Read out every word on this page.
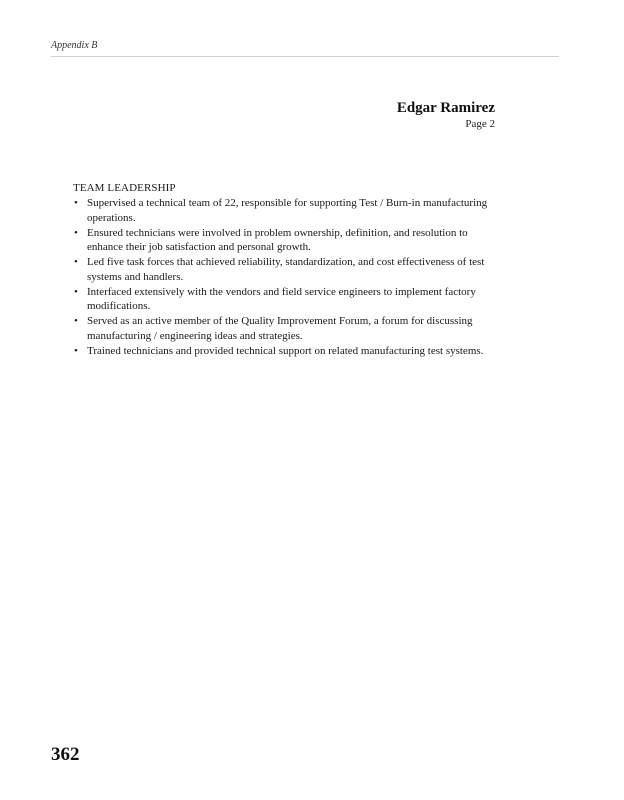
Appendix B
Edgar Ramirez
Page 2
TEAM LEADERSHIP
• Supervised a technical team of 22, responsible for supporting Test / Burn-in manufacturing operations.
• Ensured technicians were involved in problem ownership, definition, and resolution to enhance their job satisfaction and personal growth.
• Led five task forces that achieved reliability, standardization, and cost effectiveness of test systems and handlers.
• Interfaced extensively with the vendors and field service engineers to implement factory modifications.
• Served as an active member of the Quality Improvement Forum, a forum for discussing manufacturing / engineering ideas and strategies.
• Trained technicians and provided technical support on related manufacturing test systems.
362
